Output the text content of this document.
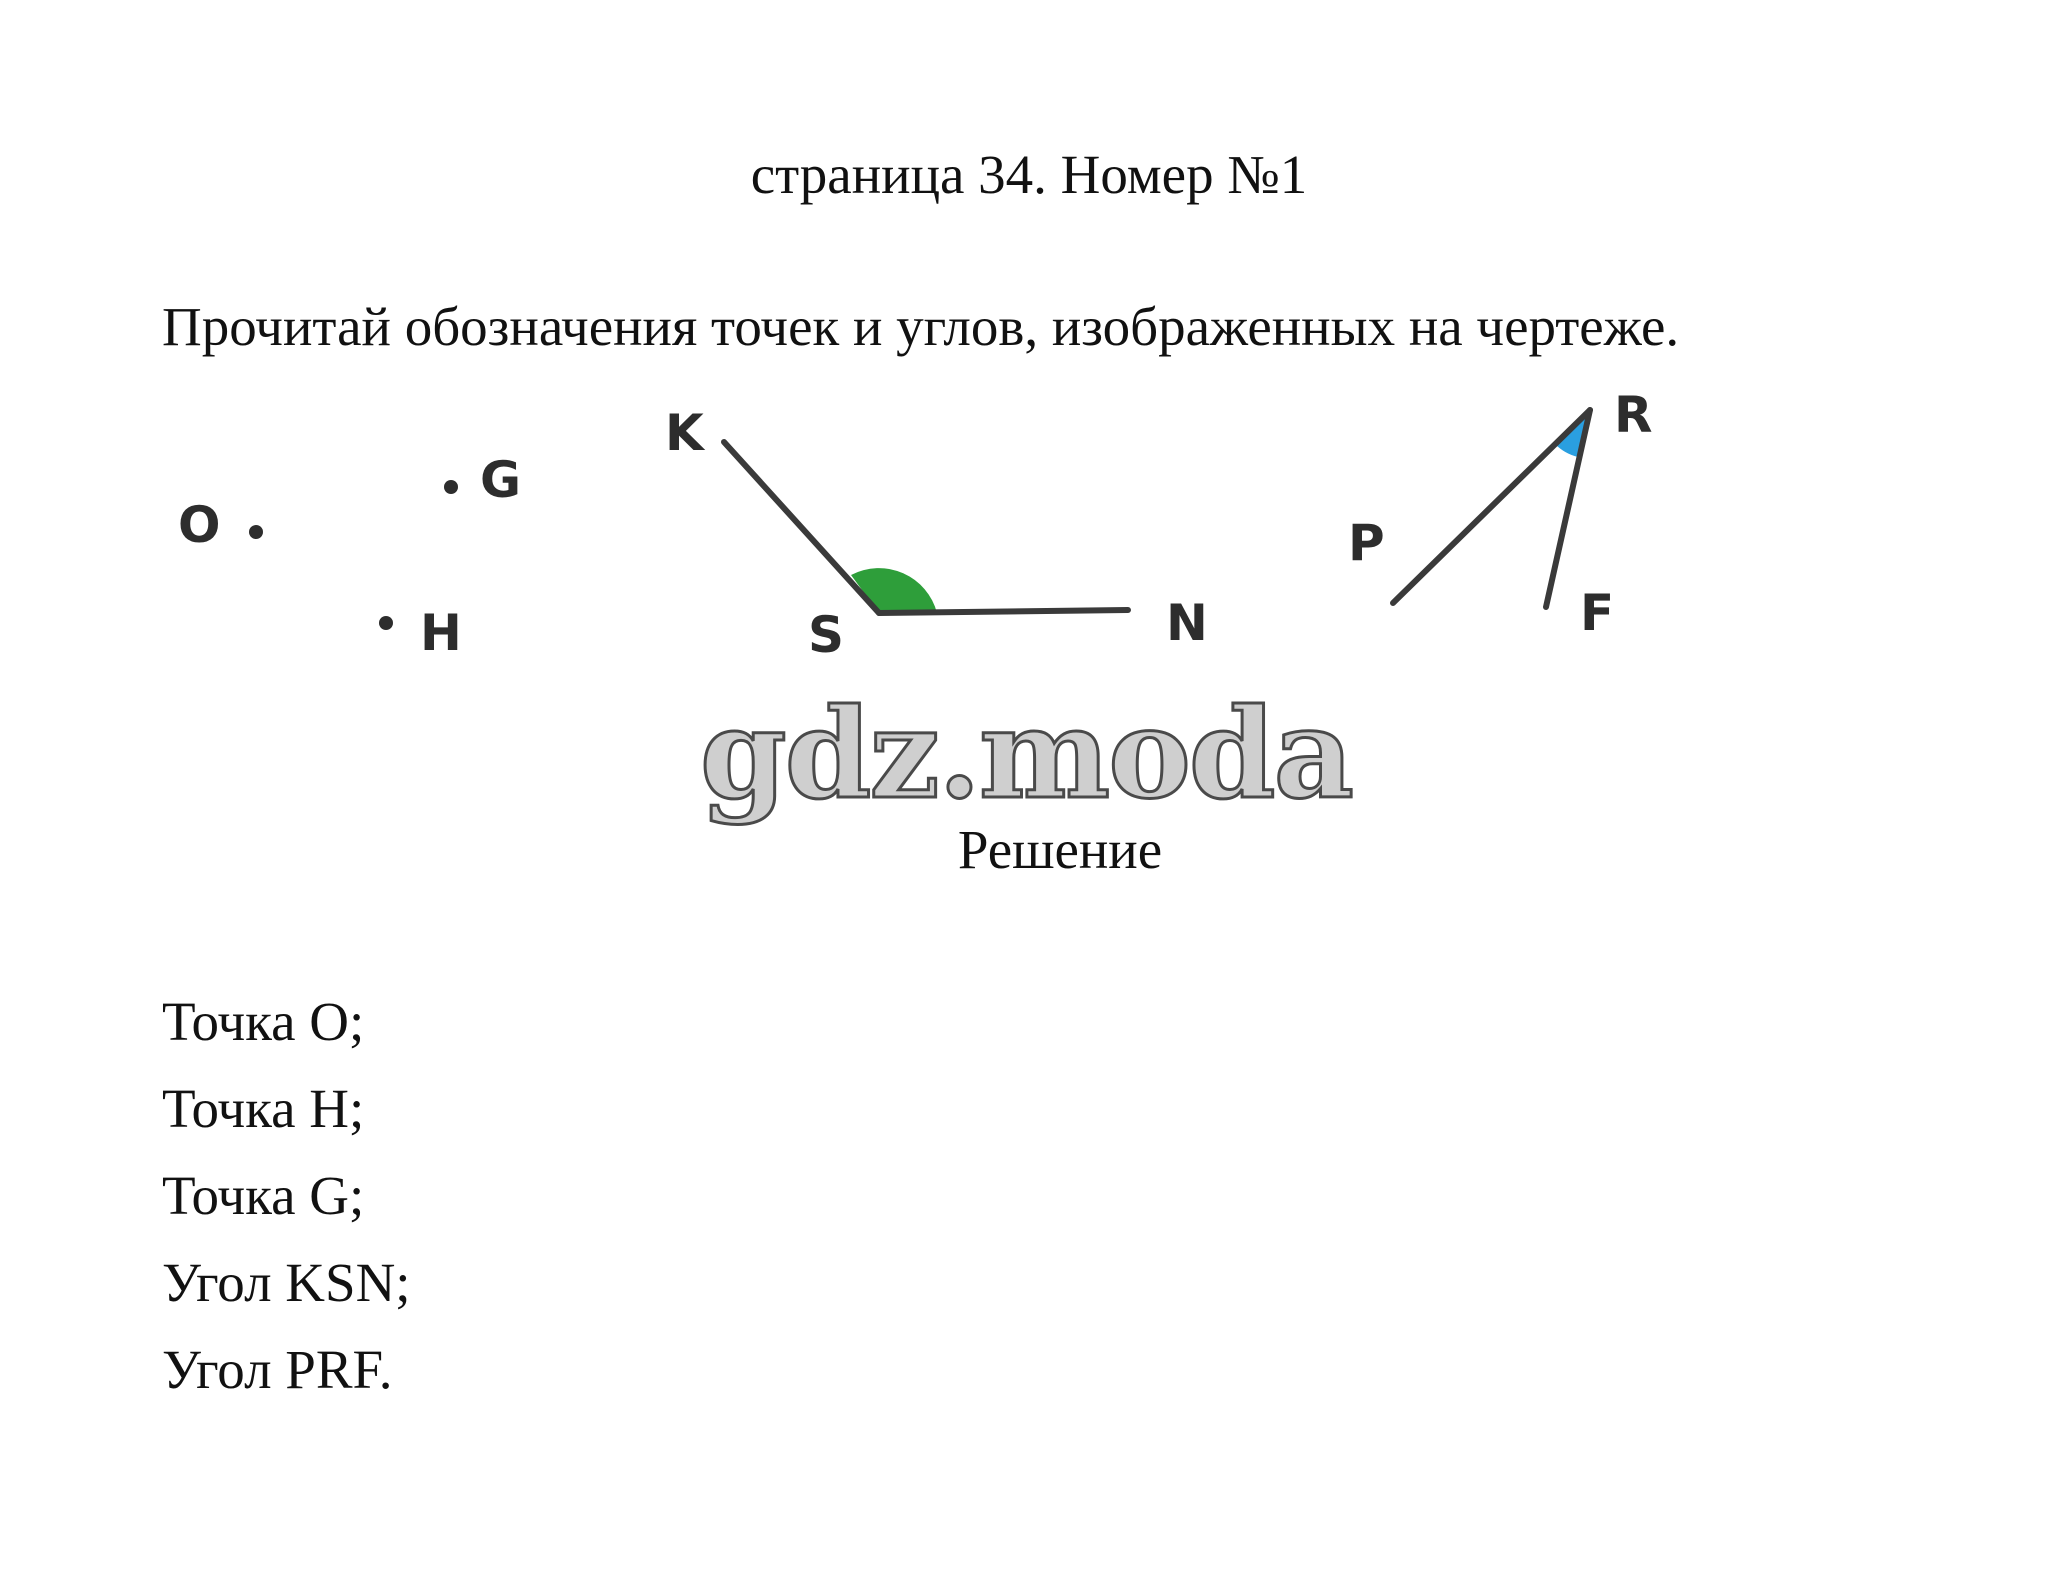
страница 34. Номер №1
Прочитай обозначения точек и углов, изображенных на чертеже.
O
G
H
K
S	N
P
R
F
gdz.moda
Решение
Точка О;
Точка Н;
Точка G;
Угол KSN;
Угол PRF.
